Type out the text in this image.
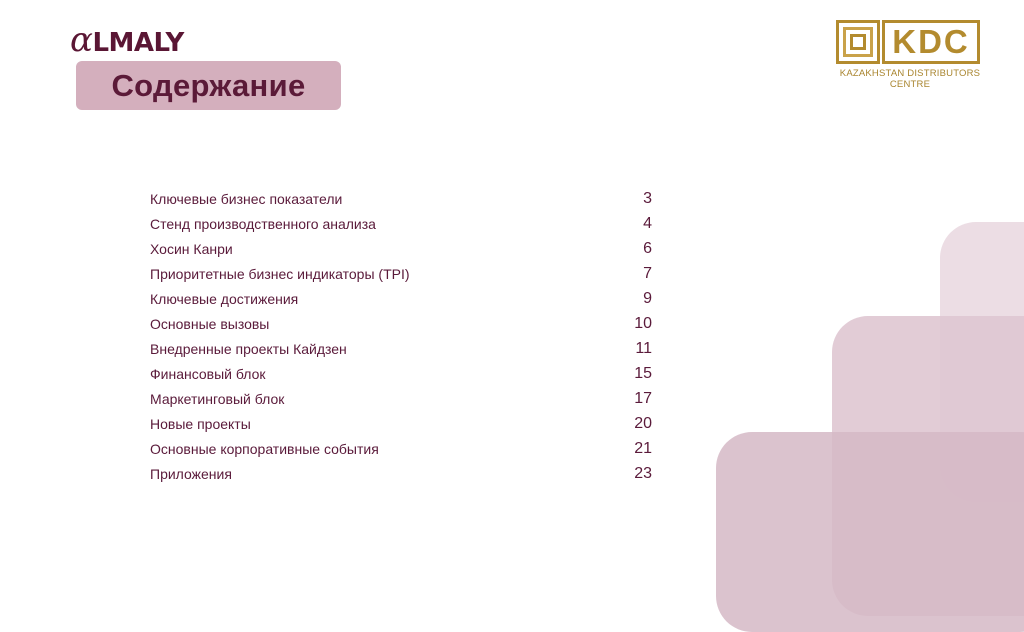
αLMALY
Содержание
KDC
KAZAKHSTAN DISTRIBUTORS
CENTRE
Ключевые бизнес показатели	3
Стенд производственного анализа	4
Хосин Канри	6
Приоритетные бизнес индикаторы (TPI)	7
Ключевые достижения	9
Основные вызовы	10
Внедренные проекты Кайдзен	11
Финансовый блок	15
Маркетинговый блок	17
Новые проекты	20
Основные корпоративные события	21
Приложения	23
